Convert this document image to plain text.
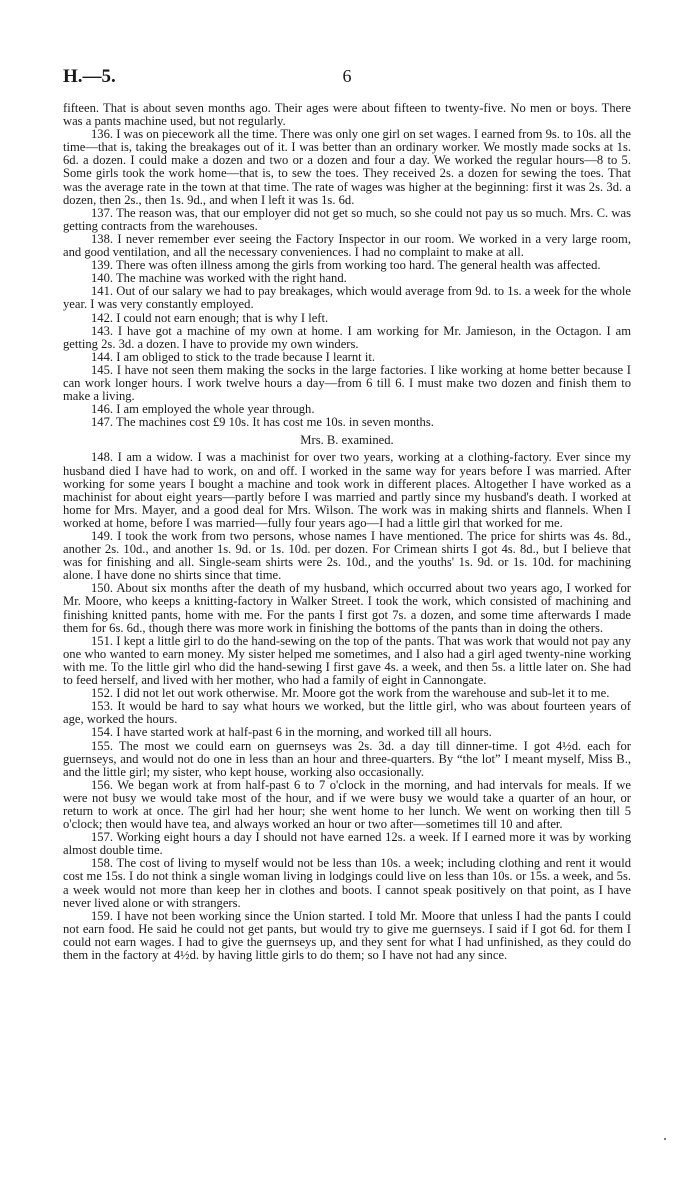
H.—5.	6

fifteen. That is about seven months ago. Their ages were about fifteen to twenty-five. No men or boys. There was a pants machine used, but not regularly.

136. I was on piecework all the time. There was only one girl on set wages. I earned from 9s. to 10s. all the time—that is, taking the breakages out of it. I was better than an ordinary worker. We mostly made socks at 1s. 6d. a dozen. I could make a dozen and two or a dozen and four a day. We worked the regular hours—8 to 5. Some girls took the work home—that is, to sew the toes. They received 2s. a dozen for sewing the toes. That was the average rate in the town at that time. The rate of wages was higher at the beginning: first it was 2s. 3d. a dozen, then 2s., then 1s. 9d., and when I left it was 1s. 6d.

137. The reason was, that our employer did not get so much, so she could not pay us so much. Mrs. C. was getting contracts from the warehouses.

138. I never remember ever seeing the Factory Inspector in our room. We worked in a very large room, and good ventilation, and all the necessary conveniences. I had no complaint to make at all.

139. There was often illness among the girls from working too hard. The general health was affected.

140. The machine was worked with the right hand.

141. Out of our salary we had to pay breakages, which would average from 9d. to 1s. a week for the whole year. I was very constantly employed.

142. I could not earn enough; that is why I left.

143. I have got a machine of my own at home. I am working for Mr. Jamieson, in the Octagon. I am getting 2s. 3d. a dozen. I have to provide my own winders.

144. I am obliged to stick to the trade because I learnt it.

145. I have not seen them making the socks in the large factories. I like working at home better because I can work longer hours. I work twelve hours a day—from 6 till 6. I must make two dozen and finish them to make a living.

146. I am employed the whole year through.

147. The machines cost £9 10s. It has cost me 10s. in seven months.

Mrs. B. examined.

148. I am a widow. I was a machinist for over two years, working at a clothing-factory. Ever since my husband died I have had to work, on and off. I worked in the same way for years before I was married. After working for some years I bought a machine and took work in different places. Altogether I have worked as a machinist for about eight years—partly before I was married and partly since my husband's death. I worked at home for Mrs. Mayer, and a good deal for Mrs. Wilson. The work was in making shirts and flannels. When I worked at home, before I was married—fully four years ago—I had a little girl that worked for me.

149. I took the work from two persons, whose names I have mentioned. The price for shirts was 4s. 8d., another 2s. 10d., and another 1s. 9d. or 1s. 10d. per dozen. For Crimean shirts I got 4s. 8d., but I believe that was for finishing and all. Single-seam shirts were 2s. 10d., and the youths' 1s. 9d. or 1s. 10d. for machining alone. I have done no shirts since that time.

150. About six months after the death of my husband, which occurred about two years ago, I worked for Mr. Moore, who keeps a knitting-factory in Walker Street. I took the work, which consisted of machining and finishing knitted pants, home with me. For the pants I first got 7s. a dozen, and some time afterwards I made them for 6s. 6d., though there was more work in finishing the bottoms of the pants than in doing the others.

151. I kept a little girl to do the hand-sewing on the top of the pants. That was work that would not pay any one who wanted to earn money. My sister helped me sometimes, and I also had a girl aged twenty-nine working with me. To the little girl who did the hand-sewing I first gave 4s. a week, and then 5s. a little later on. She had to feed herself, and lived with her mother, who had a family of eight in Cannongate.

152. I did not let out work otherwise. Mr. Moore got the work from the warehouse and sub-let it to me.

153. It would be hard to say what hours we worked, but the little girl, who was about fourteen years of age, worked the hours.

154. I have started work at half-past 6 in the morning, and worked till all hours.

155. The most we could earn on guernseys was 2s. 3d. a day till dinner-time. I got 4½d. each for guernseys, and would not do one in less than an hour and three-quarters. By “the lot” I meant myself, Miss B., and the little girl; my sister, who kept house, working also occasionally.

156. We began work at from half-past 6 to 7 o'clock in the morning, and had intervals for meals. If we were not busy we would take most of the hour, and if we were busy we would take a quarter of an hour, or return to work at once. The girl had her hour; she went home to her lunch. We went on working then till 5 o'clock; then would have tea, and always worked an hour or two after—sometimes till 10 and after.

157. Working eight hours a day I should not have earned 12s. a week. If I earned more it was by working almost double time.

158. The cost of living to myself would not be less than 10s. a week; including clothing and rent it would cost me 15s. I do not think a single woman living in lodgings could live on less than 10s. or 15s. a week, and 5s. a week would not more than keep her in clothes and boots. I cannot speak positively on that point, as I have never lived alone or with strangers.

159. I have not been working since the Union started. I told Mr. Moore that unless I had the pants I could not earn food. He said he could not get pants, but would try to give me guernseys. I said if I got 6d. for them I could not earn wages. I had to give the guernseys up, and they sent for what I had unfinished, as they could do them in the factory at 4½d. by having little girls to do them; so I have not had any since.
